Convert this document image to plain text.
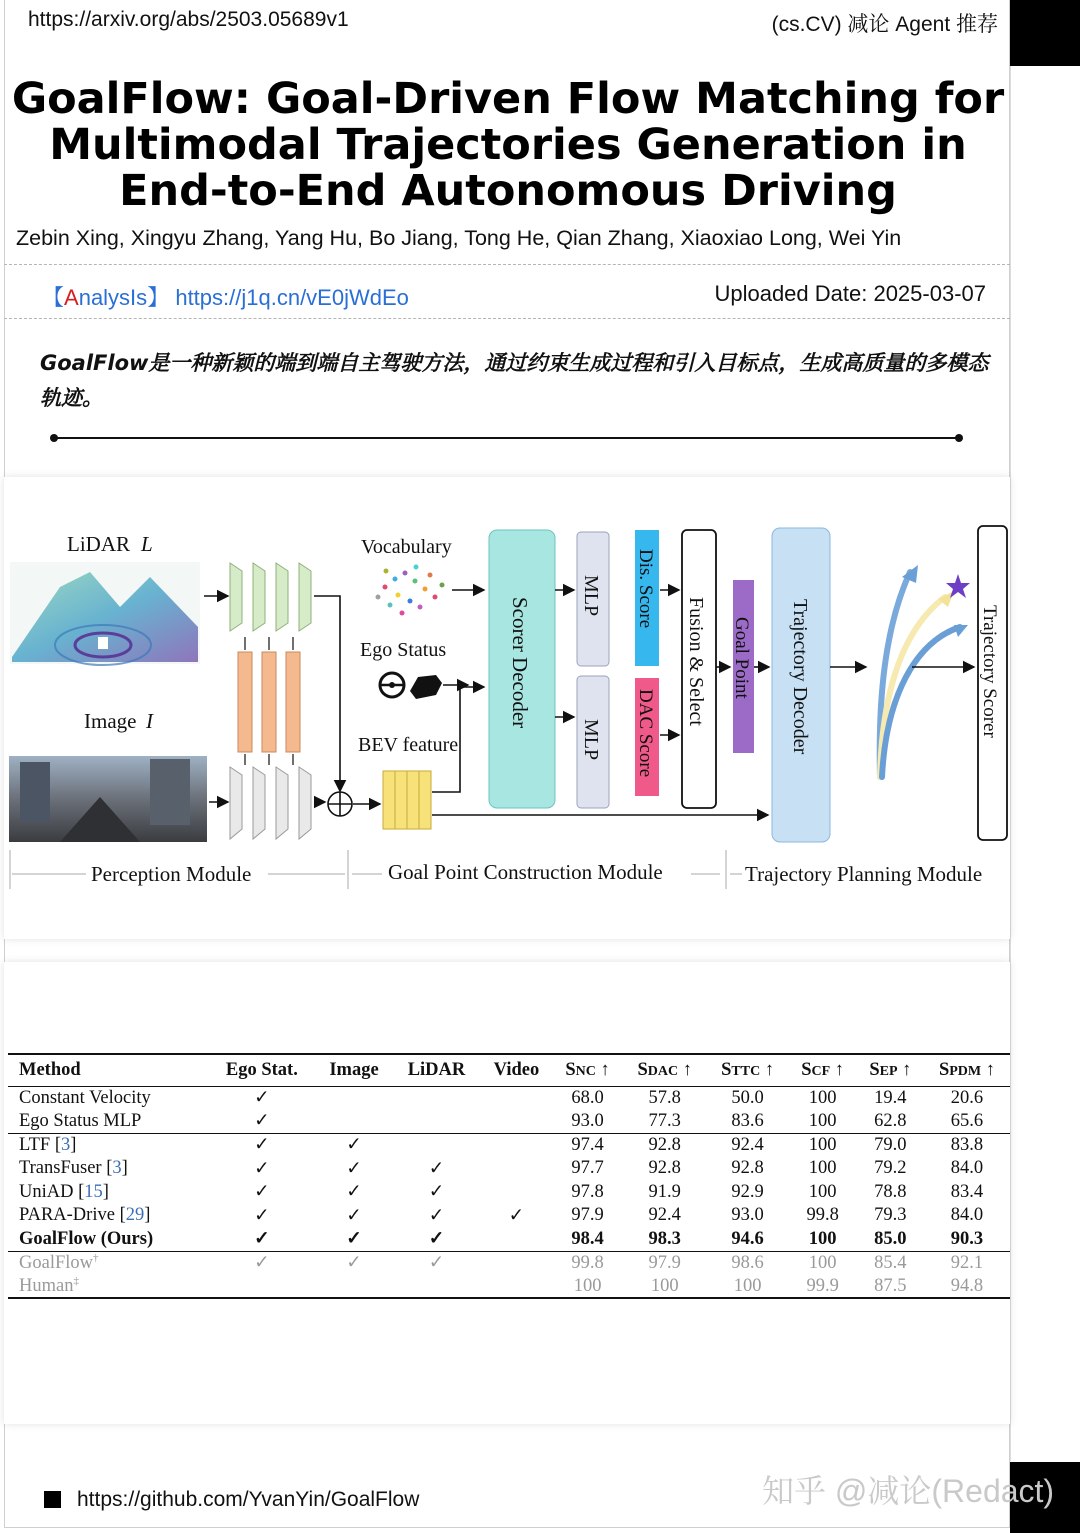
https://arxiv.org/abs/2503.05689v1	(cs.CV) 减论 Agent 推荐
GoalFlow: Goal-Driven Flow Matching for
Multimodal Trajectories Generation in
End-to-End Autonomous Driving
Zebin Xing, Xingyu Zhang, Yang Hu, Bo Jiang, Tong He, Qian Zhang, Xiaoxiao Long, Wei Yin
【AnalysIs】 https://j1q.cn/vE0jWdEo	Uploaded Date: 2025-03-07
GoalFlow是一种新颖的端到端自主驾驶方法，通过约束生成过程和引入目标点，生成高质量的多模态轨迹。
LiDAR L
Image I
Vocabulary
Ego Status
BEV feature
Scorer Decoder
MLP
MLP
Dis. Score
DAC Score
Fusion & Select Goal Point Trajectory Decoder	Trajectory Scorer
Perception Module	Goal Point Construction Module	Trajectory Planning Module
Method	Ego Stat.	Image	LiDAR	Video	SNC ↑	SDAC ↑	STTC ↑	SCF ↑	SEP ↑	SPDM ↑
Constant Velocity	✓				68.0	57.8	50.0	100	19.4	20.6
Ego Status MLP	✓				93.0	77.3	83.6	100	62.8	65.6
LTF [3]	✓	✓			97.4	92.8	92.4	100	79.0	83.8
TransFuser [3]	✓	✓	✓		97.7	92.8	92.8	100	79.2	84.0
UniAD [15]	✓	✓	✓		97.8	91.9	92.9	100	78.8	83.4
PARA-Drive [29]	✓	✓	✓	✓	97.9	92.4	93.0	99.8	79.3	84.0
GoalFlow (Ours)	✓	✓	✓		98.4	98.3	94.6	100	85.0	90.3
GoalFlow†	✓	✓	✓		99.8	97.9	98.6	100	85.4	92.1
Human‡					100	100	100	99.9	87.5	94.8
https://github.com/YvanYin/GoalFlow	知乎 @减论(Redact)
